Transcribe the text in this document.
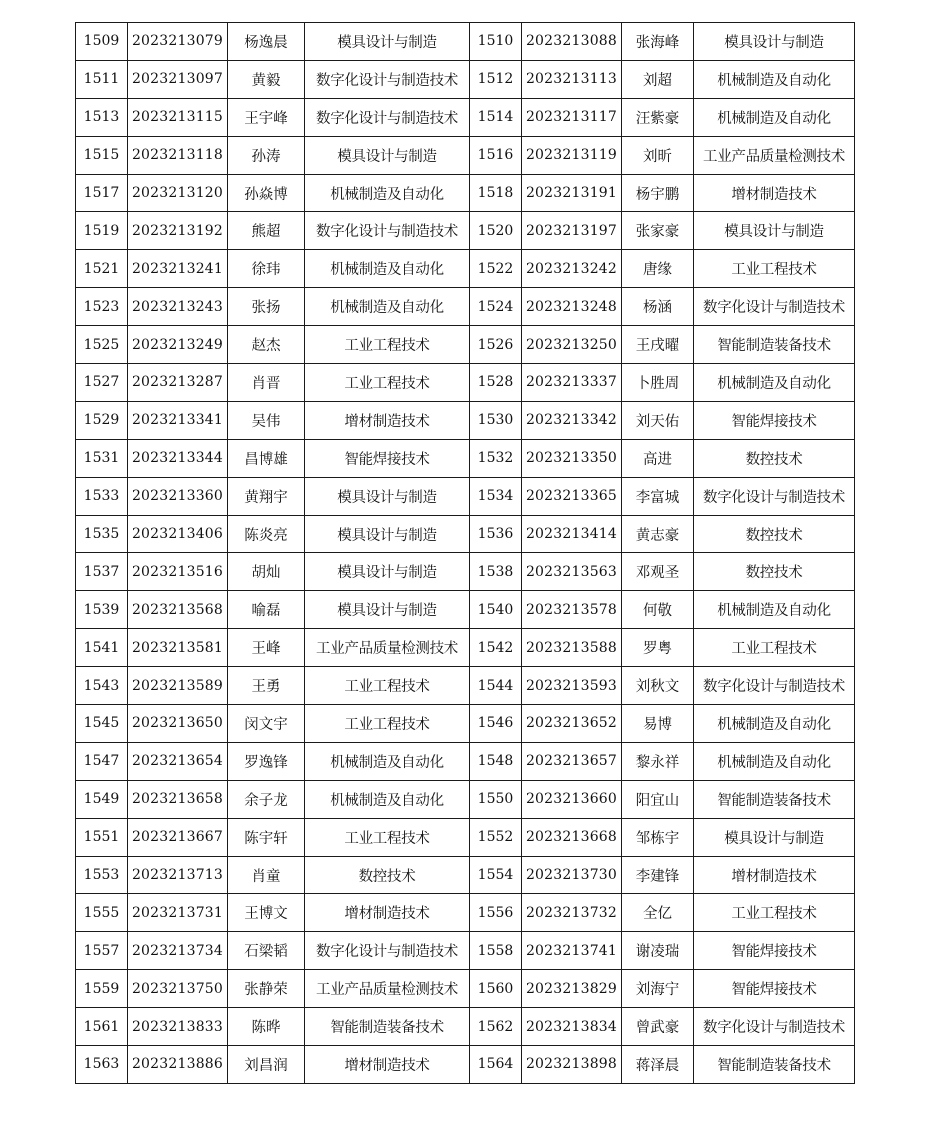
1509	2023213079	杨逸晨	模具设计与制造	1510	2023213088	张海峰	模具设计与制造
1511	2023213097	黄毅	数字化设计与制造技术	1512	2023213113	刘超	机械制造及自动化
1513	2023213115	王宇峰	数字化设计与制造技术	1514	2023213117	汪紫豪	机械制造及自动化
1515	2023213118	孙涛	模具设计与制造	1516	2023213119	刘昕	工业产品质量检测技术
1517	2023213120	孙焱博	机械制造及自动化	1518	2023213191	杨宇鹏	增材制造技术
1519	2023213192	熊超	数字化设计与制造技术	1520	2023213197	张家豪	模具设计与制造
1521	2023213241	徐玮	机械制造及自动化	1522	2023213242	唐缘	工业工程技术
1523	2023213243	张扬	机械制造及自动化	1524	2023213248	杨涵	数字化设计与制造技术
1525	2023213249	赵杰	工业工程技术	1526	2023213250	王戌曜	智能制造装备技术
1527	2023213287	肖晋	工业工程技术	1528	2023213337	卜胜周	机械制造及自动化
1529	2023213341	吴伟	增材制造技术	1530	2023213342	刘天佑	智能焊接技术
1531	2023213344	昌博雄	智能焊接技术	1532	2023213350	高进	数控技术
1533	2023213360	黄翔宇	模具设计与制造	1534	2023213365	李富城	数字化设计与制造技术
1535	2023213406	陈炎亮	模具设计与制造	1536	2023213414	黄志豪	数控技术
1537	2023213516	胡灿	模具设计与制造	1538	2023213563	邓观圣	数控技术
1539	2023213568	喻磊	模具设计与制造	1540	2023213578	何敬	机械制造及自动化
1541	2023213581	王峰	工业产品质量检测技术	1542	2023213588	罗粤	工业工程技术
1543	2023213589	王勇	工业工程技术	1544	2023213593	刘秋文	数字化设计与制造技术
1545	2023213650	闵文宇	工业工程技术	1546	2023213652	易博	机械制造及自动化
1547	2023213654	罗逸锋	机械制造及自动化	1548	2023213657	黎永祥	机械制造及自动化
1549	2023213658	余子龙	机械制造及自动化	1550	2023213660	阳宜山	智能制造装备技术
1551	2023213667	陈宇轩	工业工程技术	1552	2023213668	邹栋宇	模具设计与制造
1553	2023213713	肖童	数控技术	1554	2023213730	李建锋	增材制造技术
1555	2023213731	王博文	增材制造技术	1556	2023213732	全亿	工业工程技术
1557	2023213734	石梁韬	数字化设计与制造技术	1558	2023213741	谢凌瑞	智能焊接技术
1559	2023213750	张静荣	工业产品质量检测技术	1560	2023213829	刘海宁	智能焊接技术
1561	2023213833	陈晔	智能制造装备技术	1562	2023213834	曾武豪	数字化设计与制造技术
1563	2023213886	刘昌润	增材制造技术	1564	2023213898	蒋泽晨	智能制造装备技术
